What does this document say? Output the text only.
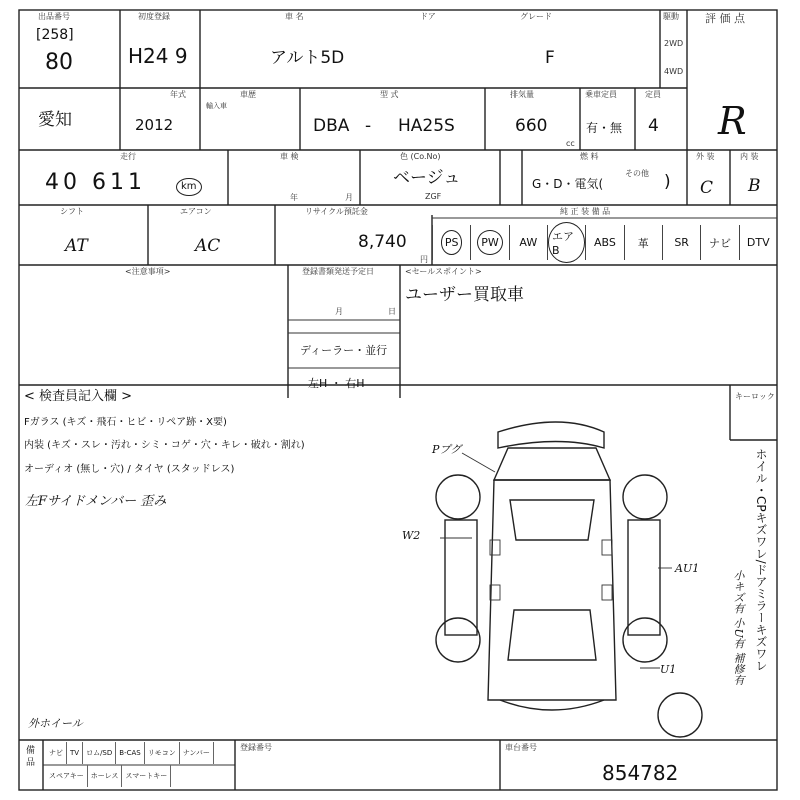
出品番号
[258]
80
初度登録
H24 9
車 名	ドア	グレード
アルト5D	F
駆動
2WD
4WD
評 価 点
R
愛知
年式
2012
車歴
輸入車
型 式
DBA - HA25S
排気量
660
cc
乗車定員
有・無
定員
4
走行
40 611	km
車 検
年	月
色 (Co.No)
ベージュ
ZGF
燃 料
G・D・電気(
その他 )
外 装
C
内 装
B
シフト
AT
エアコン
AC
リサイクル預託金
8,740
円
純 正 装 備 品
PS	PW	AW	エアB
ABS 革 SR ナビ DTV
<注意事項>	登録書類発送予定日
月	日
ディーラー・並行
左H ・ 右H
<セールスポイント>
ユーザー買取車
< 検査員記入欄 >
Fガラス (キズ・飛石・ヒビ・リペア跡・X要)
内装 (キズ・スレ・汚れ・シミ・コゲ・穴・キレ・破れ・割れ)
オーディオ (無し・穴) / タイヤ (スタッドレス)
左Fサイドメンバー 歪み
外ホイール
Pプグ
W2
AU1
U1
キーロック
ホイル・CPキズワレ/ドアミラーキズワレ
小キズ有 小U有 補修有
備 品	ナビ	TV	ロム/SD	B-CAS	リモコン	ナンバー
スペアキー	ホーレス	スマートキー
登録番号	車台番号
854782
